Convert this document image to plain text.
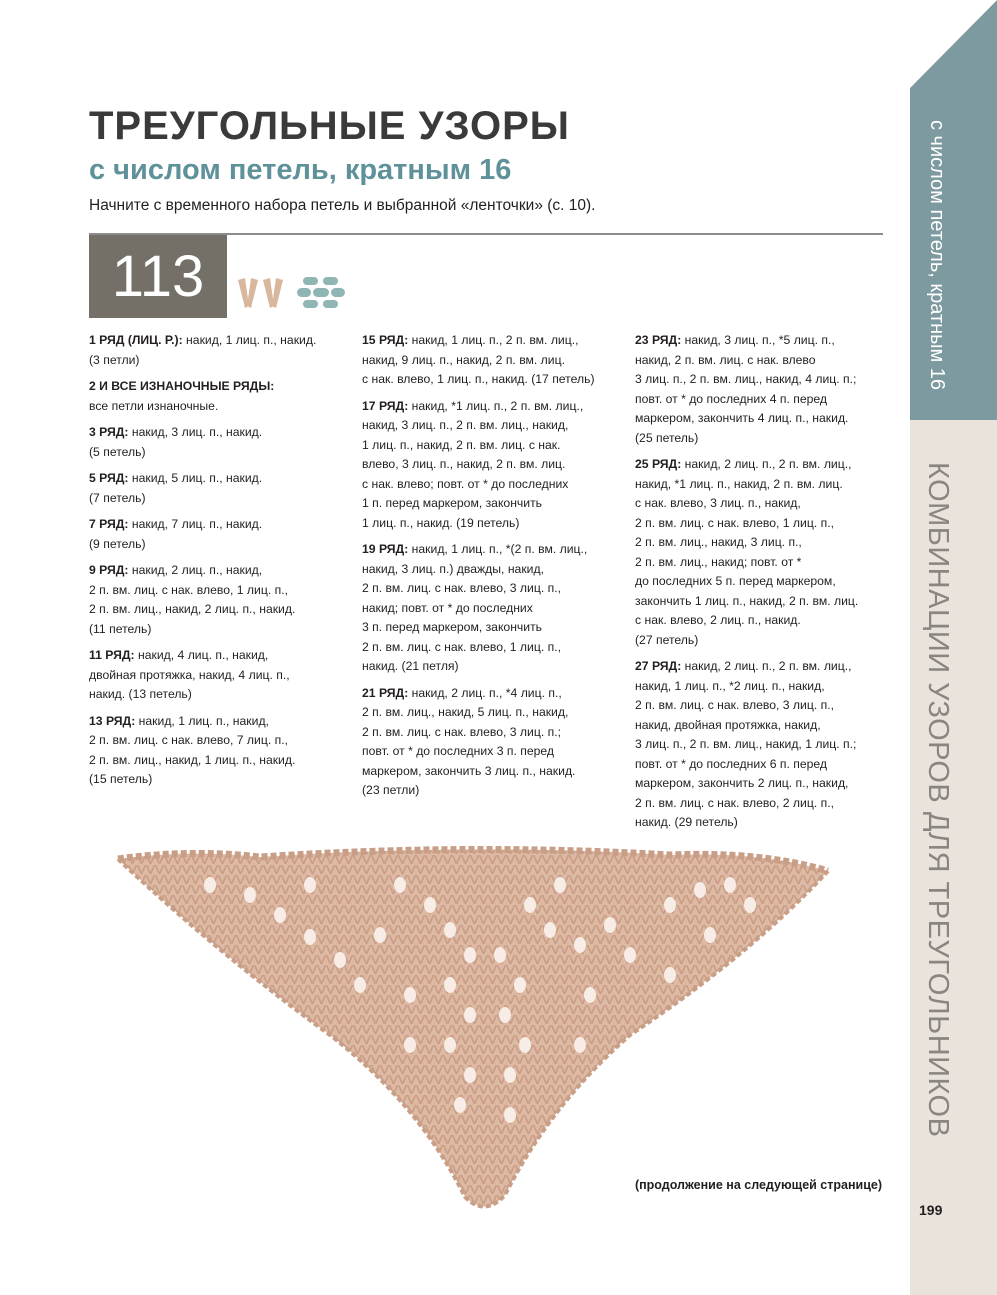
с числом петель, кратным 16
КОМБИНАЦИИ УЗОРОВ ДЛЯ ТРЕУГОЛЬНИКОВ
ТРЕУГОЛЬНЫЕ УЗОРЫ
с числом петель, кратным 16

Начните с временного набора петель и выбранной «ленточки» (с. 10).

113

1 РЯД (ЛИЦ. Р.): накид, 1 лиц. п., накид.

(3 петли)

2 И ВСЕ ИЗНАНОЧНЫЕ РЯДЫ:

все петли изнаночные.

3 РЯД: накид, 3 лиц. п., накид.

(5 петель)

5 РЯД: накид, 5 лиц. п., накид.

(7 петель)

7 РЯД: накид, 7 лиц. п., накид.

(9 петель)

9 РЯД: накид, 2 лиц. п., накид,

2 п. вм. лиц. с нак. влево, 1 лиц. п.,

2 п. вм. лиц., накид, 2 лиц. п., накид.

(11 петель)

11 РЯД: накид, 4 лиц. п., накид,

двойная протяжка, накид, 4 лиц. п.,

накид. (13 петель)

13 РЯД: накид, 1 лиц. п., накид,

2 п. вм. лиц. с нак. влево, 7 лиц. п.,

2 п. вм. лиц., накид, 1 лиц. п., накид.

(15 петель)

15 РЯД: накид, 1 лиц. п., 2 п. вм. лиц.,

накид, 9 лиц. п., накид, 2 п. вм. лиц.

с нак. влево, 1 лиц. п., накид. (17 петель)

17 РЯД: накид, *1 лиц. п., 2 п. вм. лиц.,

накид, 3 лиц. п., 2 п. вм. лиц., накид,

1 лиц. п., накид, 2 п. вм. лиц. с нак.

влево, 3 лиц. п., накид, 2 п. вм. лиц.

с нак. влево; повт. от * до последних

1 п. перед маркером, закончить

1 лиц. п., накид. (19 петель)

19 РЯД: накид, 1 лиц. п., *(2 п. вм. лиц.,

накид, 3 лиц. п.) дважды, накид,

2 п. вм. лиц. с нак. влево, 3 лиц. п.,

накид; повт. от * до последних

3 п. перед маркером, закончить

2 п. вм. лиц. с нак. влево, 1 лиц. п.,

накид. (21 петля)

21 РЯД: накид, 2 лиц. п., *4 лиц. п.,

2 п. вм. лиц., накид, 5 лиц. п., накид,

2 п. вм. лиц. с нак. влево, 3 лиц. п.;

повт. от * до последних 3 п. перед

маркером, закончить 3 лиц. п., накид.

(23 петли)

23 РЯД: накид, 3 лиц. п., *5 лиц. п.,

накид, 2 п. вм. лиц. с нак. влево

3 лиц. п., 2 п. вм. лиц., накид, 4 лиц. п.;

повт. от * до последних 4 п. перед

маркером, закончить 4 лиц. п., накид.

(25 петель)

25 РЯД: накид, 2 лиц. п., 2 п. вм. лиц.,

накид, *1 лиц. п., накид, 2 п. вм. лиц.

с нак. влево, 3 лиц. п., накид,

2 п. вм. лиц. с нак. влево, 1 лиц. п.,

2 п. вм. лиц., накид, 3 лиц. п.,

2 п. вм. лиц., накид; повт. от *

до последних 5 п. перед маркером,

закончить 1 лиц. п., накид, 2 п. вм. лиц.

с нак. влево, 2 лиц. п., накид.

(27 петель)

27 РЯД: накид, 2 лиц. п., 2 п. вм. лиц.,

накид, 1 лиц. п., *2 лиц. п., накид,

2 п. вм. лиц. с нак. влево, 3 лиц. п.,

накид, двойная протяжка, накид,

3 лиц. п., 2 п. вм. лиц., накид, 1 лиц. п.;

повт. от * до последних 6 п. перед

маркером, закончить 2 лиц. п., накид,

2 п. вм. лиц. с нак. влево, 2 лиц. п.,

накид. (29 петель)

(продолжение на следующей странице)
199
